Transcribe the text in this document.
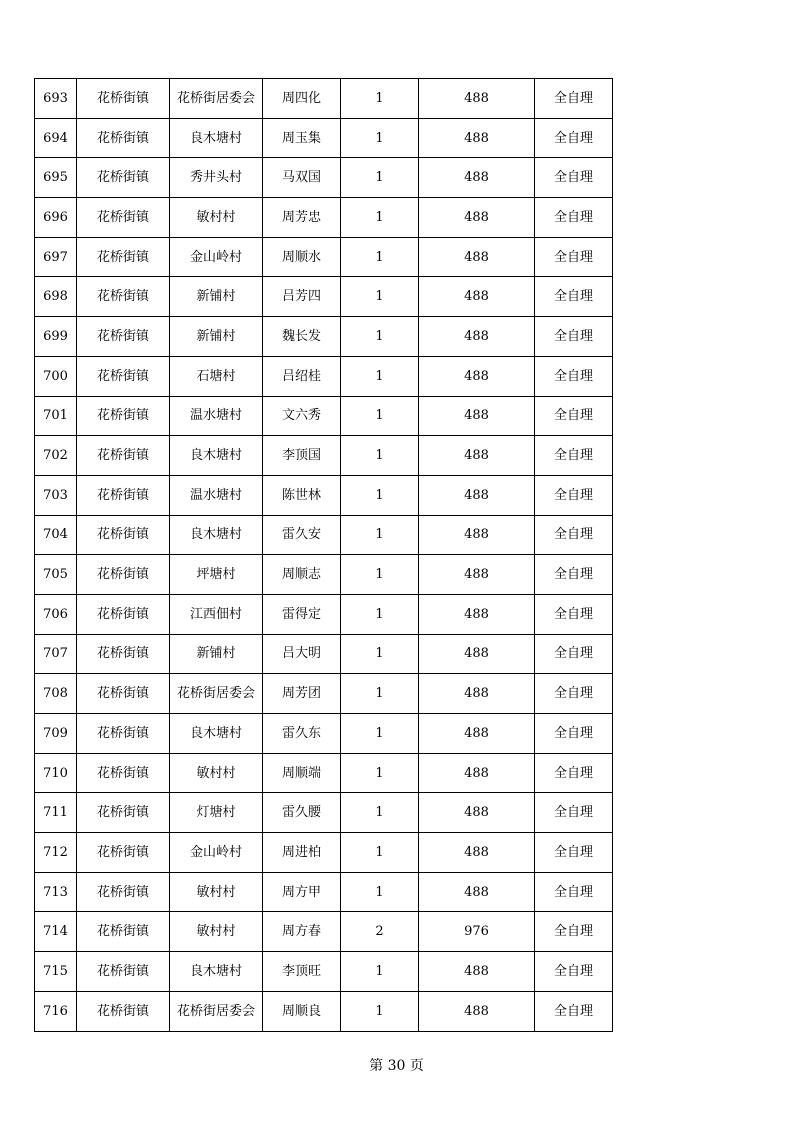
693	花桥街镇	花桥街居委会	周四化	1	488	全自理
694	花桥街镇	良木塘村	周玉集	1	488	全自理
695	花桥街镇	秀井头村	马双国	1	488	全自理
696	花桥街镇	敏村村	周芳忠	1	488	全自理
697	花桥街镇	金山岭村	周顺水	1	488	全自理
698	花桥街镇	新铺村	吕芳四	1	488	全自理
699	花桥街镇	新铺村	魏长发	1	488	全自理
700	花桥街镇	石塘村	吕绍桂	1	488	全自理
701	花桥街镇	温水塘村	文六秀	1	488	全自理
702	花桥街镇	良木塘村	李顶国	1	488	全自理
703	花桥街镇	温水塘村	陈世林	1	488	全自理
704	花桥街镇	良木塘村	雷久安	1	488	全自理
705	花桥街镇	坪塘村	周顺志	1	488	全自理
706	花桥街镇	江西佃村	雷得定	1	488	全自理
707	花桥街镇	新铺村	吕大明	1	488	全自理
708	花桥街镇	花桥街居委会	周芳团	1	488	全自理
709	花桥街镇	良木塘村	雷久东	1	488	全自理
710	花桥街镇	敏村村	周顺端	1	488	全自理
711	花桥街镇	灯塘村	雷久腰	1	488	全自理
712	花桥街镇	金山岭村	周进柏	1	488	全自理
713	花桥街镇	敏村村	周方甲	1	488	全自理
714	花桥街镇	敏村村	周方春	2	976	全自理
715	花桥街镇	良木塘村	李顶旺	1	488	全自理
716	花桥街镇	花桥街居委会	周顺良	1	488	全自理
第 30 页
